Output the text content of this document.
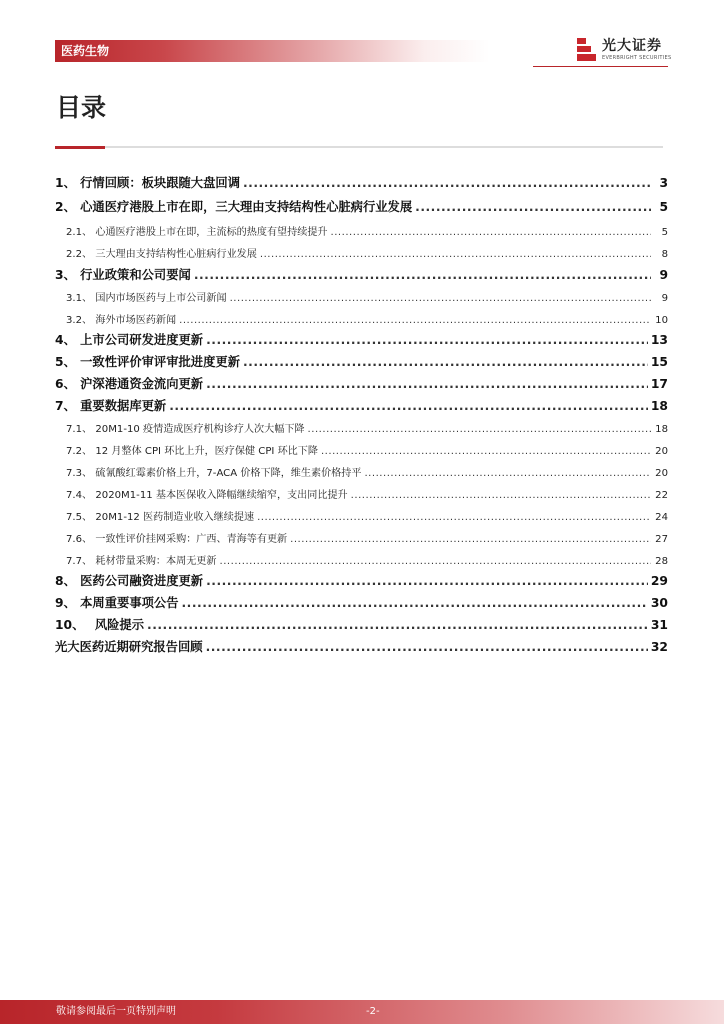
医药生物	光大证券
EVERBRIGHT SECURITIES
目录
1、 行情回顾：板块跟随大盘回调 .....	3
2、 心通医疗港股上市在即，三大理由支持结构性心脏病行业发展 .....	5
2.1、 心通医疗港股上市在即，主流标的热度有望持续提升 .....	5
2.2、 三大理由支持结构性心脏病行业发展 .....	8
3、 行业政策和公司要闻 .....	9
3.1、 国内市场医药与上市公司新闻 .....	9
3.2、 海外市场医药新闻 .....	10
4、 上市公司研发进度更新 .....	13
5、 一致性评价审评审批进度更新 .....	15
6、 沪深港通资金流向更新 .....	17
7、 重要数据库更新 .....	18
7.1、 20M1-10 疫情造成医疗机构诊疗人次大幅下降 .....	18
7.2、 12 月整体 CPI 环比上升，医疗保健 CPI 环比下降 .....	20
7.3、 硫氰酸红霉素价格上升，7-ACA 价格下降，维生素价格持平 .....	20
7.4、 2020M1-11 基本医保收入降幅继续缩窄，支出同比提升 .....	22
7.5、 20M1-12 医药制造业收入继续提速 .....	24
7.6、 一致性评价挂网采购：广西、青海等有更新 .....	27
7.7、 耗材带量采购：本周无更新 .....	28
8、 医药公司融资进度更新 .....	29
9、 本周重要事项公告 .....	30
10、　 风险提示 .....	31
光大医药近期研究报告回顾 .....	32
敬请参阅最后一页特别声明	-2-
